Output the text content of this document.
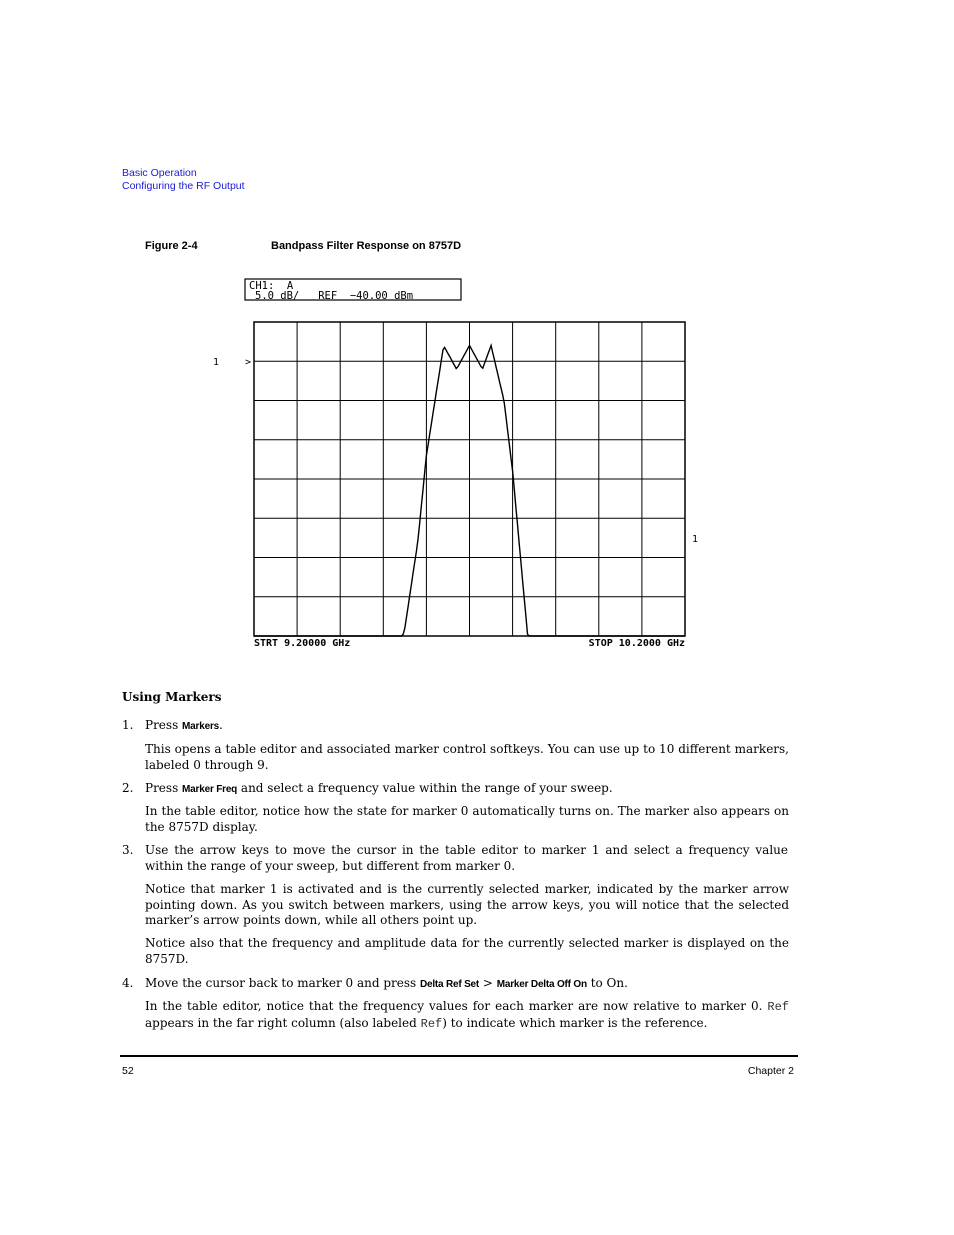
Basic Operation
Configuring the RF Output
Figure 2-4	Bandpass Filter Response on 8757D
CH1:  A
5.0 dB/   REF  −40.00 dBm
1	>
1
STRT 9.20000 GHz	STOP 10.2000 GHz
Using Markers
1. Press Markers.
This opens a table editor and associated marker control softkeys. You can use up to 10 different markers, labeled 0 through 9.
2. Press Marker Freq and select a frequency value within the range of your sweep.
In the table editor, notice how the state for marker 0 automatically turns on. The marker also appears on the 8757D display.
3. Use the arrow keys to move the cursor in the table editor to marker 1 and select a frequency value within the range of your sweep, but different from marker 0.
Notice that marker 1 is activated and is the currently selected marker, indicated by the marker arrow pointing down. As you switch between markers, using the arrow keys, you will notice that the selected marker’s arrow points down, while all others point up.
Notice also that the frequency and amplitude data for the currently selected marker is displayed on the 8757D.
4. Move the cursor back to marker 0 and press Delta Ref Set > Marker Delta Off On to On.
In the table editor, notice that the frequency values for each marker are now relative to marker 0. Ref appears in the far right column (also labeled Ref) to indicate which marker is the reference.
52	Chapter 2
